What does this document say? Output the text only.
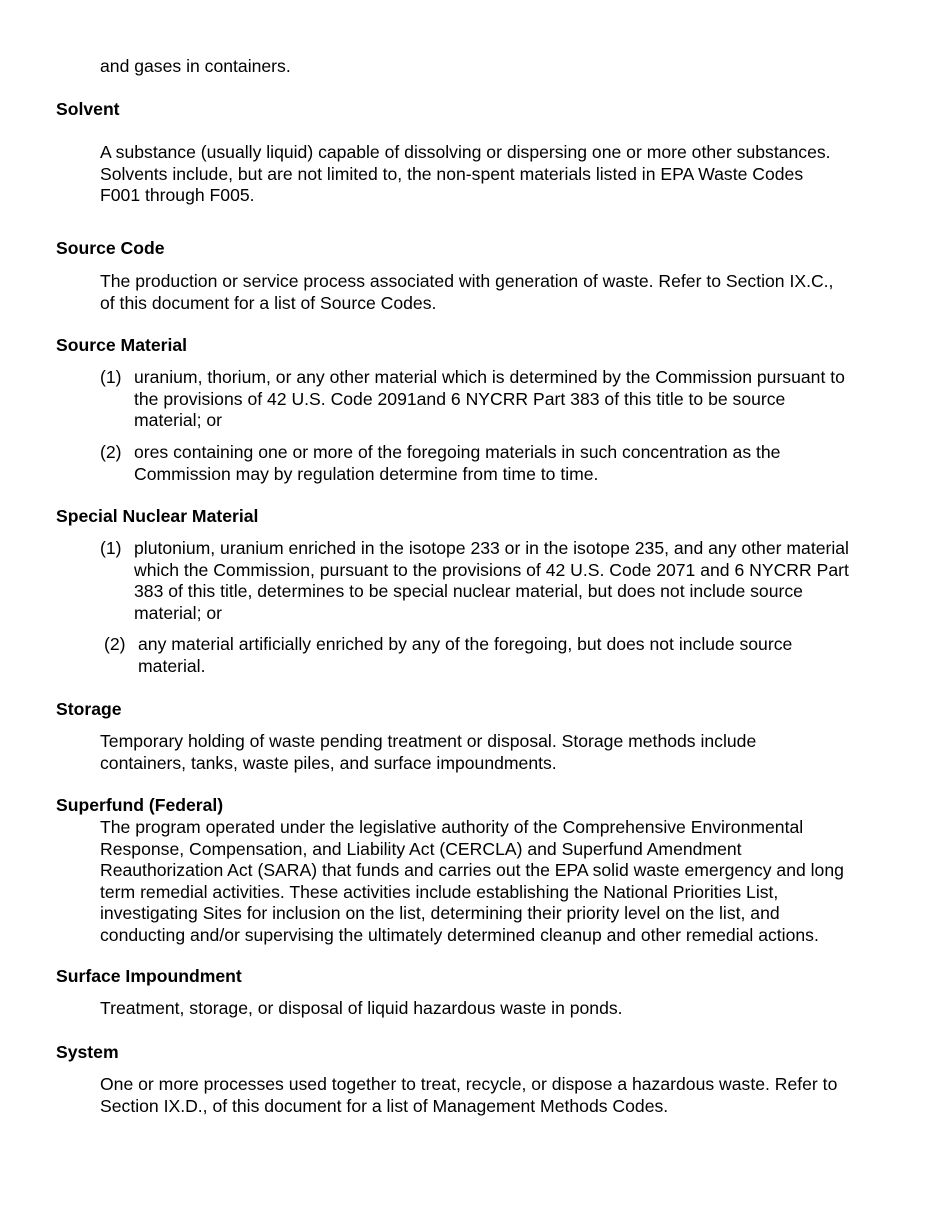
and gases in containers.

Solvent

A substance (usually liquid) capable of dissolving or dispersing one or more other substances.
Solvents include, but are not limited to, the non-spent materials listed in EPA Waste Codes
F001 through F005.

Source Code

The production or service process associated with generation of waste. Refer to Section IX.C.,
of this document for a list of Source Codes.

Source Material

(1) uranium, thorium, or any other material which is determined by the Commission pursuant to
the provisions of 42 U.S. Code 2091and 6 NYCRR Part 383 of this title to be source
material; or
(2) ores containing one or more of the foregoing materials in such concentration as the
Commission may by regulation determine from time to time.

Special Nuclear Material

(1) plutonium, uranium enriched in the isotope 233 or in the isotope 235, and any other material
which the Commission, pursuant to the provisions of 42 U.S. Code 2071 and 6 NYCRR Part
383 of this title, determines to be special nuclear material, but does not include source
material; or
(2) any material artificially enriched by any of the foregoing, but does not include source
material.

Storage

Temporary holding of waste pending treatment or disposal. Storage methods include
containers, tanks, waste piles, and surface impoundments.

Superfund (Federal)

The program operated under the legislative authority of the Comprehensive Environmental
Response, Compensation, and Liability Act (CERCLA) and Superfund Amendment
Reauthorization Act (SARA) that funds and carries out the EPA solid waste emergency and long
term remedial activities. These activities include establishing the National Priorities List,
investigating Sites for inclusion on the list, determining their priority level on the list, and
conducting and/or supervising the ultimately determined cleanup and other remedial actions.

Surface Impoundment

Treatment, storage, or disposal of liquid hazardous waste in ponds.

System

One or more processes used together to treat, recycle, or dispose a hazardous waste. Refer to
Section IX.D., of this document for a list of Management Methods Codes.
